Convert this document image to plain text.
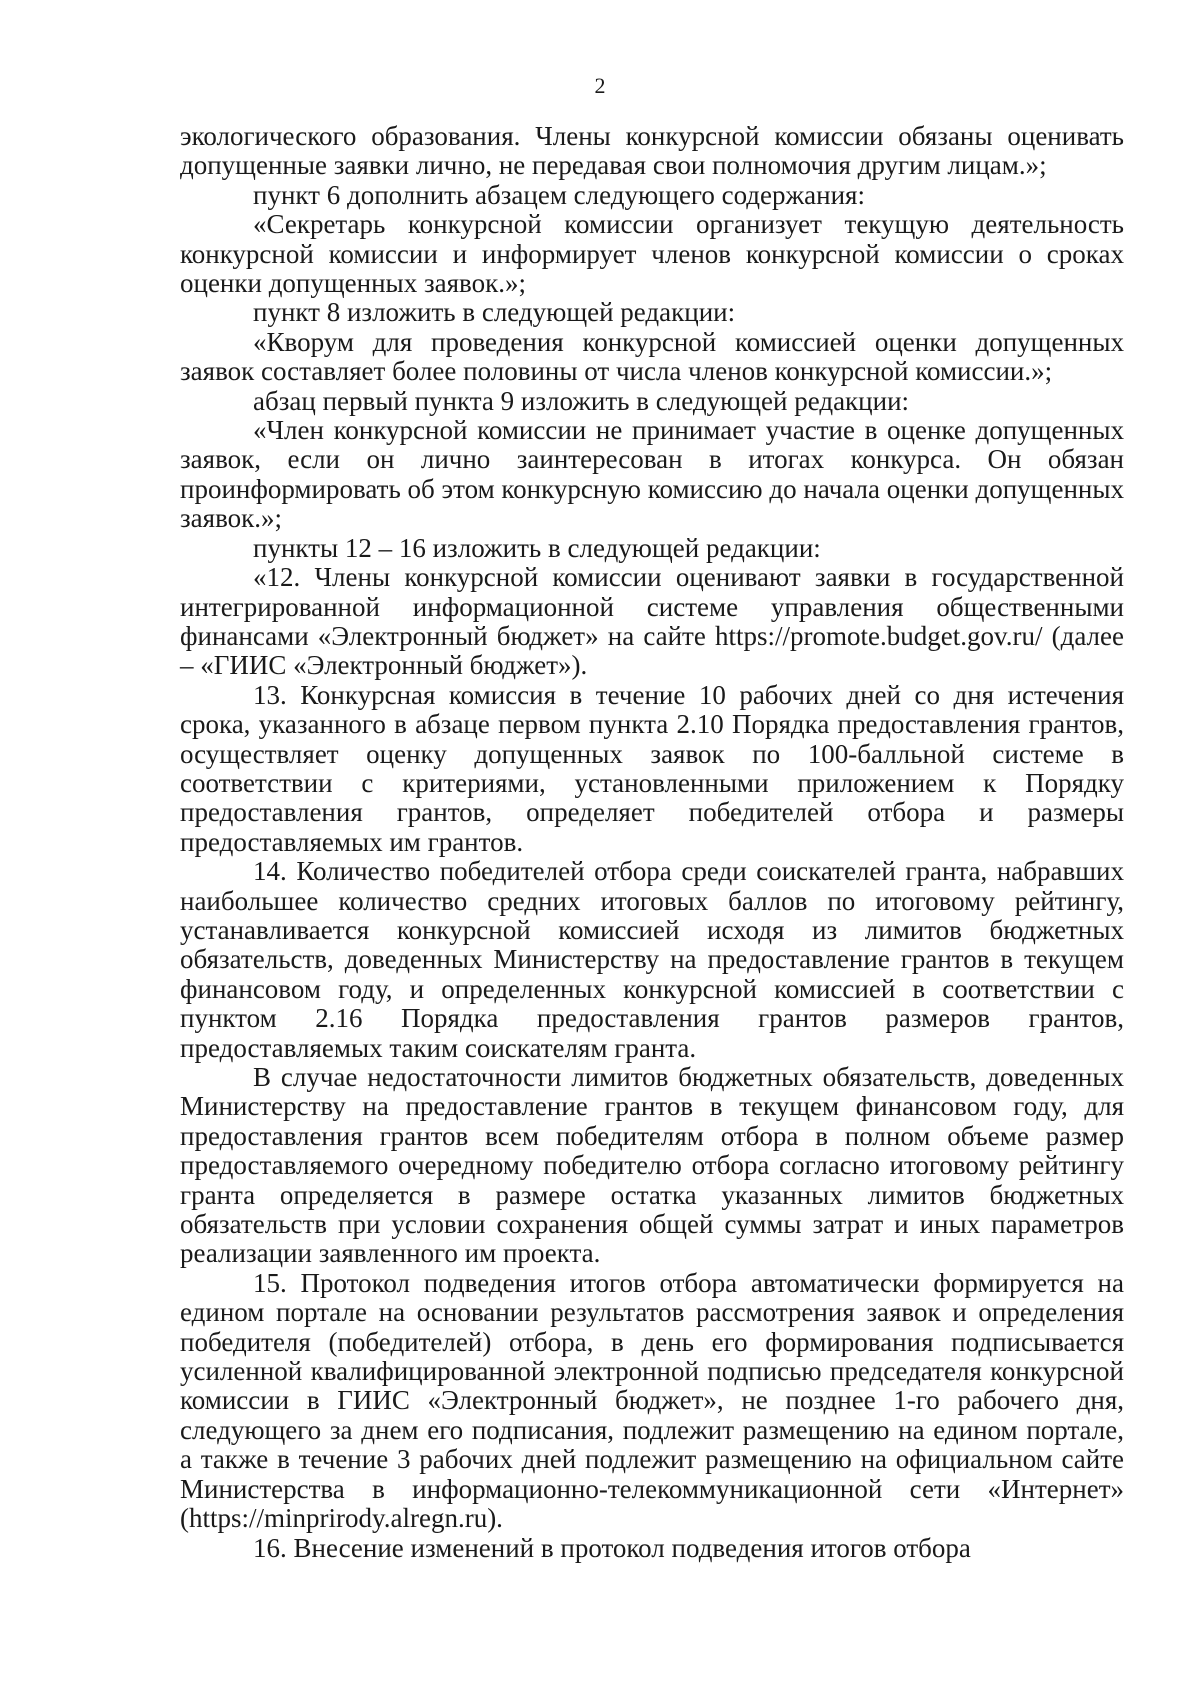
2

экологического образования. Члены конкурсной комиссии обязаны оценивать допущенные заявки лично, не передавая свои полномочия другим лицам.»;

пункт 6 дополнить абзацем следующего содержания:

«Секретарь конкурсной комиссии организует текущую деятельность конкурсной комиссии и информирует членов конкурсной комиссии о сроках оценки допущенных заявок.»;

пункт 8 изложить в следующей редакции:

«Кворум для проведения конкурсной комиссией оценки допущенных заявок составляет более половины от числа членов конкурсной комиссии.»;

абзац первый пункта 9 изложить в следующей редакции:

«Член конкурсной комиссии не принимает участие в оценке допущенных заявок, если он лично заинтересован в итогах конкурса. Он обязан проинформировать об этом конкурсную комиссию до начала оценки допущенных заявок.»;

пункты 12 – 16 изложить в следующей редакции:

«12. Члены конкурсной комиссии оценивают заявки в государственной интегрированной информационной системе управления общественными финансами «Электронный бюджет» на сайте https://promote.budget.gov.ru/ (далее – «ГИИС «Электронный бюджет»).

13. Конкурсная комиссия в течение 10 рабочих дней со дня истечения срока, указанного в абзаце первом пункта 2.10 Порядка предоставления грантов, осуществляет оценку допущенных заявок по 100-балльной системе в соответствии с критериями, установленными приложением к Порядку предоставления грантов, определяет победителей отбора и размеры предоставляемых им грантов.

14. Количество победителей отбора среди соискателей гранта, набравших наибольшее количество средних итоговых баллов по итоговому рейтингу, устанавливается конкурсной комиссией исходя из лимитов бюджетных обязательств, доведенных Министерству на предоставление грантов в текущем финансовом году, и определенных конкурсной комиссией в соответствии с пунктом 2.16 Порядка предоставления грантов размеров грантов, предоставляемых таким соискателям гранта.

В случае недостаточности лимитов бюджетных обязательств, доведенных Министерству на предоставление грантов в текущем финансовом году, для предоставления грантов всем победителям отбора в полном объеме размер предоставляемого очередному победителю отбора согласно итоговому рейтингу гранта определяется в размере остатка указанных лимитов бюджетных обязательств при условии сохранения общей суммы затрат и иных параметров реализации заявленного им проекта.

15. Протокол подведения итогов отбора автоматически формируется на едином портале на основании результатов рассмотрения заявок и определения победителя (победителей) отбора, в день его формирования подписывается усиленной квалифицированной электронной подписью председателя конкурсной комиссии в ГИИС «Электронный бюджет», не позднее 1-го рабочего дня, следующего за днем его подписания, подлежит размещению на едином портале, а также в течение 3 рабочих дней подлежит размещению на официальном сайте Министерства в информационно-телекоммуникационной сети «Интернет» (https://minprirody.alregn.ru).

16. Внесение изменений в протокол подведения итогов отбора
